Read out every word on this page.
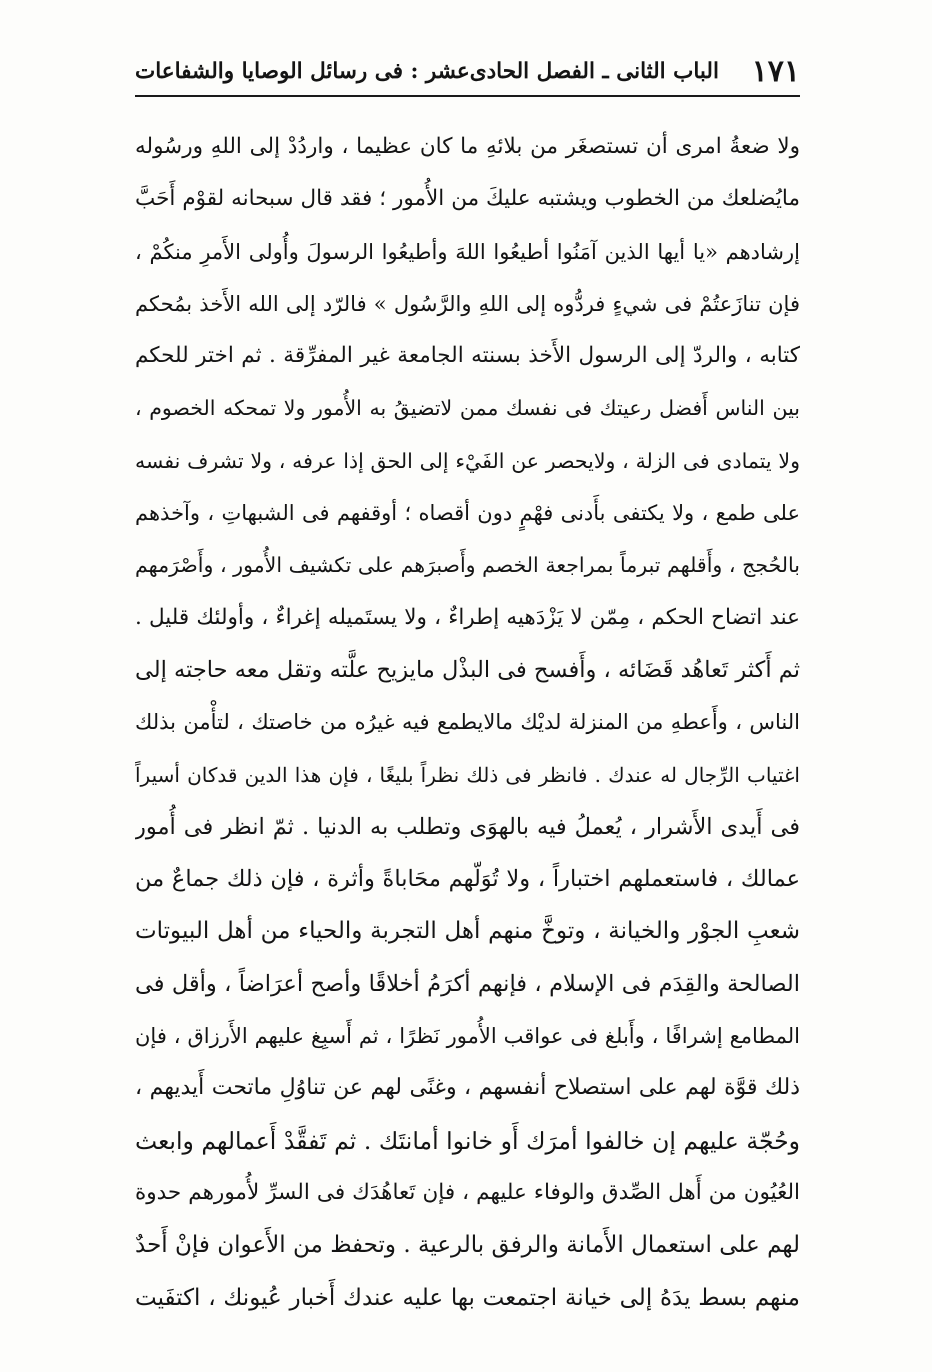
١٧١
الباب الثانى ـ الفصل الحادى‌عشر : فى رسائل الوصايا والشفاعات
ولا ضعةُ امرى أن تستصغَر من بلائهِ ما كان عظيما ، واردُدْ إلى اللهِ ورسُوله
مايُضلعك من الخطوب ويشتبه عليكَ من الأُمور ؛ فقد قال سبحانه لقوْم أَحَبَّ
إرشادهم «يا أيها الذين آمَنُوا أطيعُوا اللهَ وأطيعُوا الرسولَ وأُولى الأَمرِ منكُمْ ،
فإن تنازَعتُمْ فى شيءٍ فردُّوه إلى اللهِ والرَّسُول » فالرّد إلى الله الأَخذ بمُحكم
كتابه ، والردّ إلى الرسول الأَخذ بسنته الجامعة غير المفرِّقة . ثم اختر للحكم
بين الناس أَفضل رعيتك فى نفسك ممن لاتضيقُ به الأُمور ولا تمحكه الخصوم ،
ولا يتمادى فى الزلة ، ولايحصر عن الفَيْء إلى الحق إذا عرفه ، ولا تشرف نفسه
على طمع ، ولا يكتفى بأَدنى فهْمٍ دون أقصاه ؛ أوقفهم فى الشبهاتِ ، وآخذهم
بالحُجج ، وأَقلهم تبرماً بمراجعة الخصم وأَصبرَهم على تكشيف الأُمور ، وأَصْرَمهم
عند اتضاح الحكم ، مِمّن لا يَزْدَهيه إطراءٌ ، ولا يستَميله إغراءٌ ، وأولئك قليل .
ثم أَكثر تَعاهُد قَضَائه ، وأَفسح فى البذْل مايزيح علَّته وتقل معه حاجته إلى
الناس ، وأَعطهِ من المنزلة لديْك مالايطمع فيه غيرُه من خاصتك ، لتأْمن بذلك
اغتياب الرِّجال له عندك . فانظر فى ذلك نظراً بليغًا ، فإن هذا الدين قدكان أسيراً
فى أَيدى الأَشرار ، يُعملُ فيه بالهوَى وتطلب به الدنيا . ثمّ انظر فى أُمور
عمالك ، فاستعملهم اختباراً ، ولا تُوَلّهم محَاباةً وأثرة ، فإن ذلك جماعٌ من
شعبِ الجوْر والخيانة ، وتوخَّ منهم أهل التجربة والحياء من أهل البيوتات
الصالحة والقِدَم فى الإسلام ، فإنهم أكرَمُ أخلاقًا وأصح أعرَاضاً ، وأقل فى
المطامع إشرافًا ، وأَبلغ فى عواقب الأُمور نَظرًا ، ثم أَسبِغ عليهم الأَرزاق ، فإن
ذلك قوَّة لهم على استصلاح أنفسهم ، وغنًى لهم عن تناوُلِ ماتحت أَيديهم ،
وحُجّة عليهم إن خالفوا أمرَك أَو خانوا أمانتَك . ثم تَفقَّدْ أَعمالهم وابعث
العُيُون من أَهل الصِّدق والوفاء عليهم ، فإن تَعاهُدَك فى السرِّ لأُمورهم حدوة
لهم على استعمال الأَمانة والرفق بالرعية . وتحفظ من الأَعوان فإنْ أَحدٌ
منهم بسط يدَهُ إلى خيانة اجتمعت بها عليه عندك أَخبار عُيونك ، اكتفَيت
